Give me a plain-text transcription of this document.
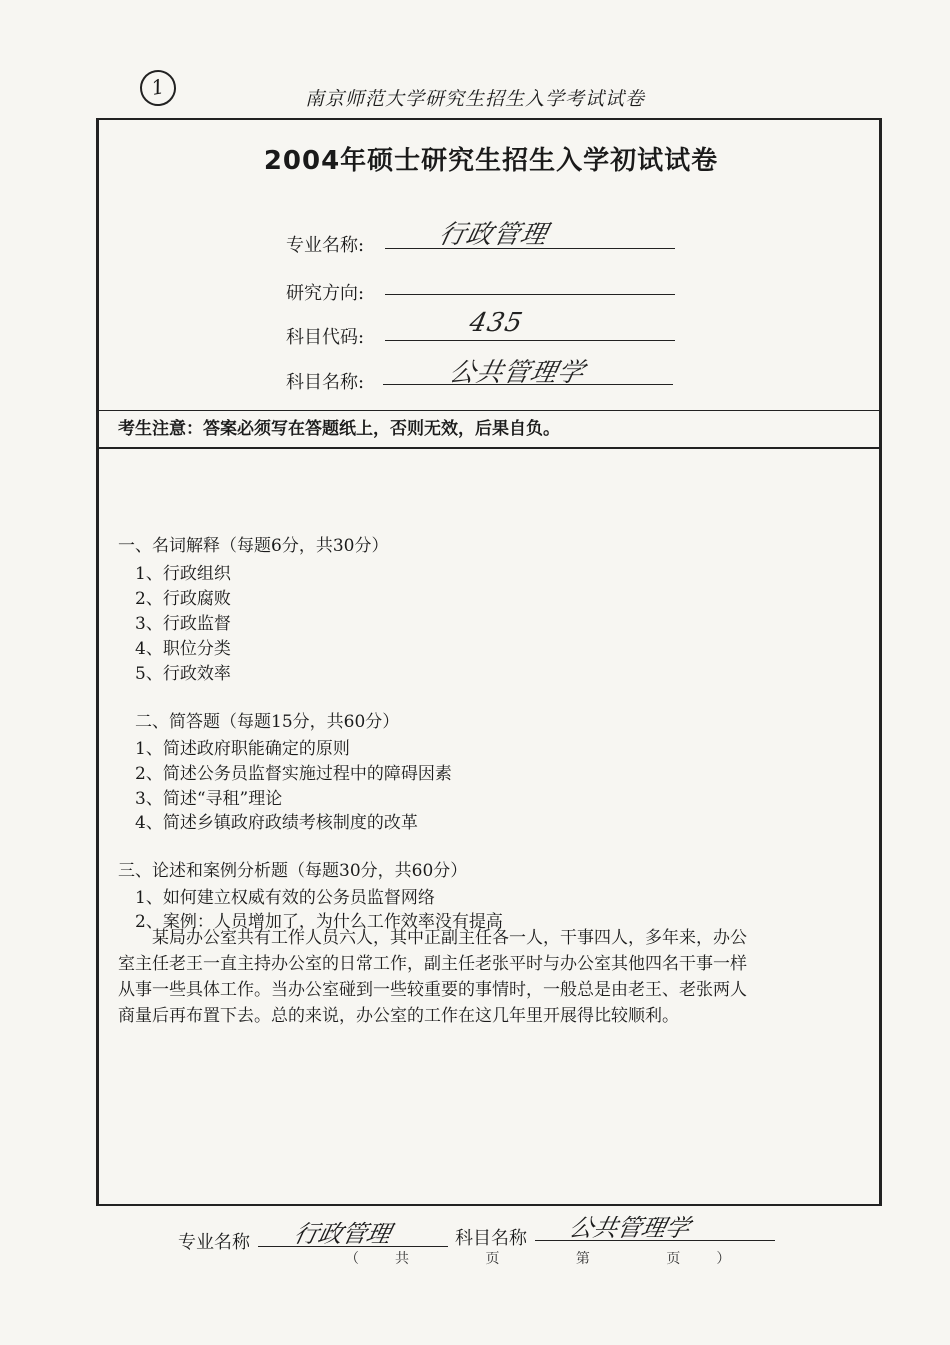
1	南京师范大学研究生招生入学考试试卷
2004年硕士研究生招生入学初试试卷
专业名称:	行政管理
研究方向:
科目代码:	435
科目名称:	公共管理学
考生注意：答案必须写在答题纸上，否则无效，后果自负。
一、名词解释（每题6分，共30分）
1、行政组织
2、行政腐败
3、行政监督
4、职位分类
5、行政效率
二、简答题（每题15分，共60分）
1、简述政府职能确定的原则
2、简述公务员监督实施过程中的障碍因素
3、简述“寻租”理论
4、简述乡镇政府政绩考核制度的改革
三、论述和案例分析题（每题30分，共60分）
1、如何建立权威有效的公务员监督网络
2、案例：人员增加了，为什么工作效率没有提高
某局办公室共有工作人员六人，其中正副主任各一人，干事四人，多年来，办公
室主任老王一直主持办公室的日常工作，副主任老张平时与办公室其他四名干事一样
从事一些具体工作。当办公室碰到一些较重要的事情时，一般总是由老王、老张两人
商量后再布置下去。总的来说，办公室的工作在这几年里开展得比较顺利。
专业名称 行政管理	科目名称 公共管理学
（共 页 第 页）
